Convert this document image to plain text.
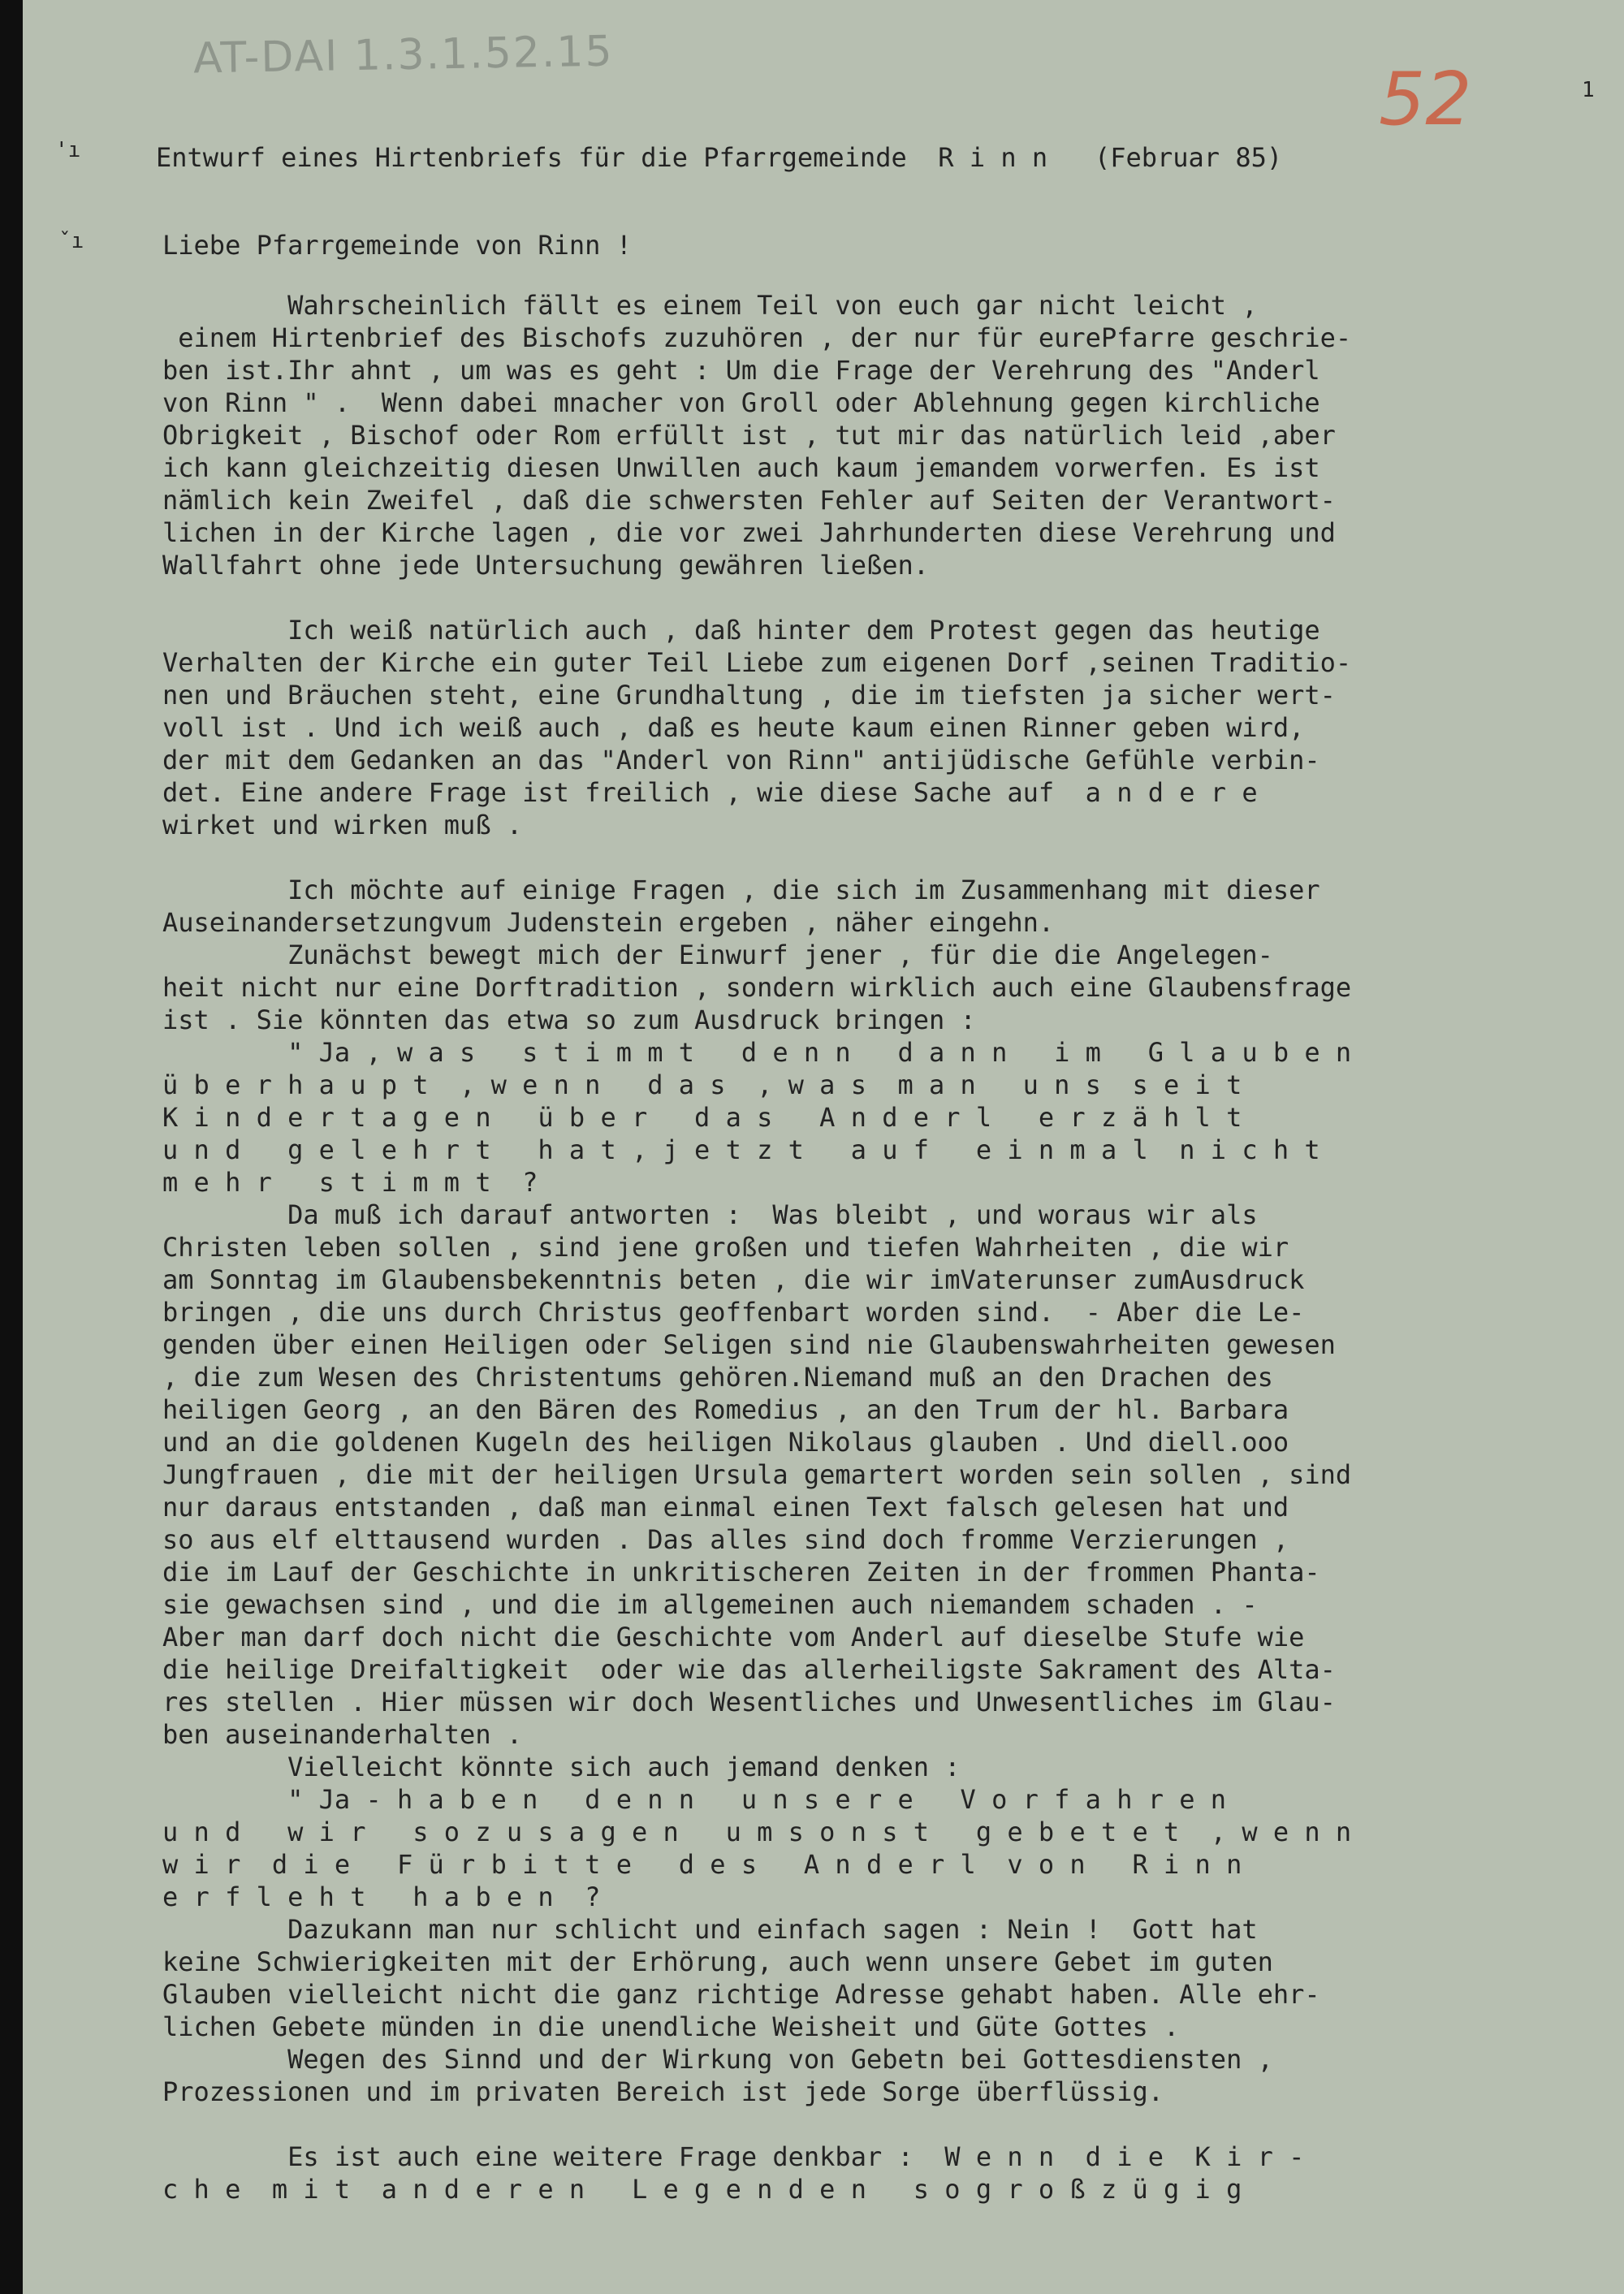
AT-DAI 1.3.1.52.15
52	1
'ı
ˇı
Entwurf eines Hirtenbriefs für die Pfarrgemeinde  R i n n   (Februar 85)
Liebe Pfarrgemeinde von Rinn !
Wahrscheinlich fällt es einem Teil von euch gar nicht leicht ,
einem Hirtenbrief des Bischofs zuzuhören , der nur für eurePfarre geschrie-
ben ist.Ihr ahnt , um was es geht : Um die Frage der Verehrung des "Anderl
von Rinn " .  Wenn dabei mnacher von Groll oder Ablehnung gegen kirchliche
Obrigkeit , Bischof oder Rom erfüllt ist , tut mir das natürlich leid ,aber
ich kann gleichzeitig diesen Unwillen auch kaum jemandem vorwerfen. Es ist
nämlich kein Zweifel , daß die schwersten Fehler auf Seiten der Verantwort-
lichen in der Kirche lagen , die vor zwei Jahrhunderten diese Verehrung und
Wallfahrt ohne jede Untersuchung gewähren ließen.
Ich weiß natürlich auch , daß hinter dem Protest gegen das heutige
Verhalten der Kirche ein guter Teil Liebe zum eigenen Dorf ,seinen Traditio-
nen und Bräuchen steht, eine Grundhaltung , die im tiefsten ja sicher wert-
voll ist . Und ich weiß auch , daß es heute kaum einen Rinner geben wird,
der mit dem Gedanken an das "Anderl von Rinn" antijüdische Gefühle verbin-
det. Eine andere Frage ist freilich , wie diese Sache auf  a n d e r e
wirket und wirken muß .
Ich möchte auf einige Fragen , die sich im Zusammenhang mit dieser
Auseinandersetzungvum Judenstein ergeben , näher eingehn.
Zunächst bewegt mich der Einwurf jener , für die die Angelegen-
heit nicht nur eine Dorftradition , sondern wirklich auch eine Glaubensfrage
ist . Sie könnten das etwa so zum Ausdruck bringen :
" Ja , w a s   s t i m m t   d e n n   d a n n   i m   G l a u b e n
ü b e r h a u p t  , w e n n   d a s  , w a s  m a n   u n s  s e i t
K i n d e r t a g e n   ü b e r   d a s   A n d e r l   e r z ä h l t
u n d   g e l e h r t   h a t , j e t z t   a u f   e i n m a l  n i c h t
m e h r   s t i m m t  ?
Da muß ich darauf antworten :  Was bleibt , und woraus wir als
Christen leben sollen , sind jene großen und tiefen Wahrheiten , die wir
am Sonntag im Glaubensbekenntnis beten , die wir imVaterunser zumAusdruck
bringen , die uns durch Christus geoffenbart worden sind.  - Aber die Le-
genden über einen Heiligen oder Seligen sind nie Glaubenswahrheiten gewesen
, die zum Wesen des Christentums gehören.Niemand muß an den Drachen des
heiligen Georg , an den Bären des Romedius , an den Trum der hl. Barbara
und an die goldenen Kugeln des heiligen Nikolaus glauben . Und diell.ooo
Jungfrauen , die mit der heiligen Ursula gemartert worden sein sollen , sind
nur daraus entstanden , daß man einmal einen Text falsch gelesen hat und
so aus elf elttausend wurden . Das alles sind doch fromme Verzierungen ,
die im Lauf der Geschichte in unkritischeren Zeiten in der frommen Phanta-
sie gewachsen sind , und die im allgemeinen auch niemandem schaden . -
Aber man darf doch nicht die Geschichte vom Anderl auf dieselbe Stufe wie
die heilige Dreifaltigkeit  oder wie das allerheiligste Sakrament des Alta-
res stellen . Hier müssen wir doch Wesentliches und Unwesentliches im Glau-
ben auseinanderhalten .
Vielleicht könnte sich auch jemand denken :
" Ja - h a b e n   d e n n   u n s e r e   V o r f a h r e n
u n d   w i r   s o z u s a g e n   u m s o n s t   g e b e t e t  , w e n n
w i r  d i e   F ü r b i t t e   d e s   A n d e r l  v o n   R i n n
e r f l e h t   h a b e n  ?
Dazukann man nur schlicht und einfach sagen : Nein !  Gott hat
keine Schwierigkeiten mit der Erhörung, auch wenn unsere Gebet im guten
Glauben vielleicht nicht die ganz richtige Adresse gehabt haben. Alle ehr-
lichen Gebete münden in die unendliche Weisheit und Güte Gottes .
Wegen des Sinnd und der Wirkung von Gebetn bei Gottesdiensten ,
Prozessionen und im privaten Bereich ist jede Sorge überflüssig.
Es ist auch eine weitere Frage denkbar :  W e n n  d i e  K i r -
c h e  m i t  a n d e r e n   L e g e n d e n   s o g r o ß z ü g i g
